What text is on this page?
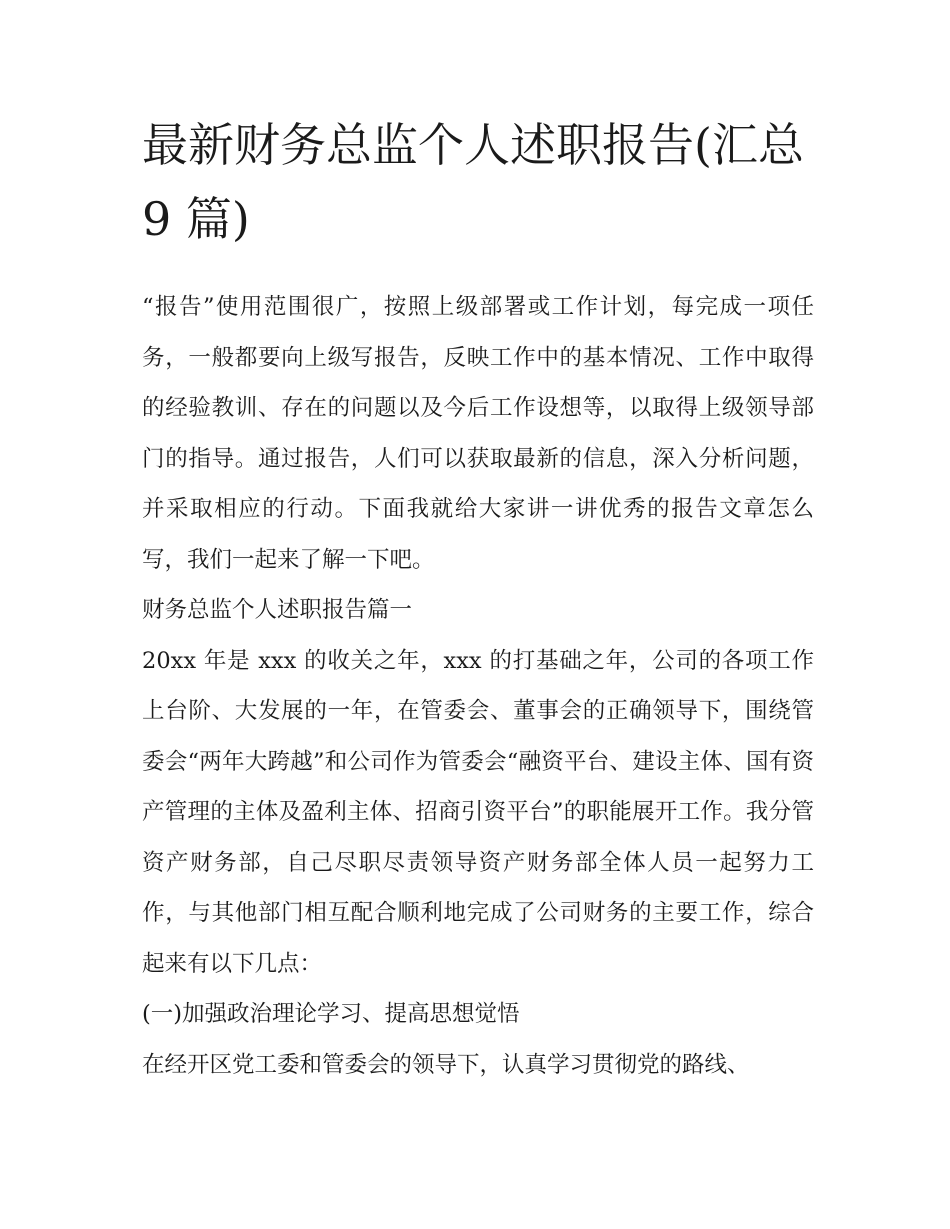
最新财务总监个人述职报告(汇总 9 篇)

“报告”使用范围很广，按照上级部署或工作计划，每完成一项任务，一般都要向上级写报告，反映工作中的基本情况、工作中取得的经验教训、存在的问题以及今后工作设想等，以取得上级领导部门的指导。通过报告，人们可以获取最新的信息，深入分析问题，并采取相应的行动。下面我就给大家讲一讲优秀的报告文章怎么写，我们一起来了解一下吧。

财务总监个人述职报告篇一

20xx 年是 xxx 的收关之年，xxx 的打基础之年，公司的各项工作上台阶、大发展的一年，在管委会、董事会的正确领导下，围绕管委会“两年大跨越”和公司作为管委会“融资平台、建设主体、国有资产管理的主体及盈利主体、招商引资平台”的职能展开工作。我分管资产财务部，自己尽职尽责领导资产财务部全体人员一起努力工作，与其他部门相互配合顺利地完成了公司财务的主要工作，综合起来有以下几点：

(一)加强政治理论学习、提高思想觉悟

在经开区党工委和管委会的领导下，认真学习贯彻党的路线、
